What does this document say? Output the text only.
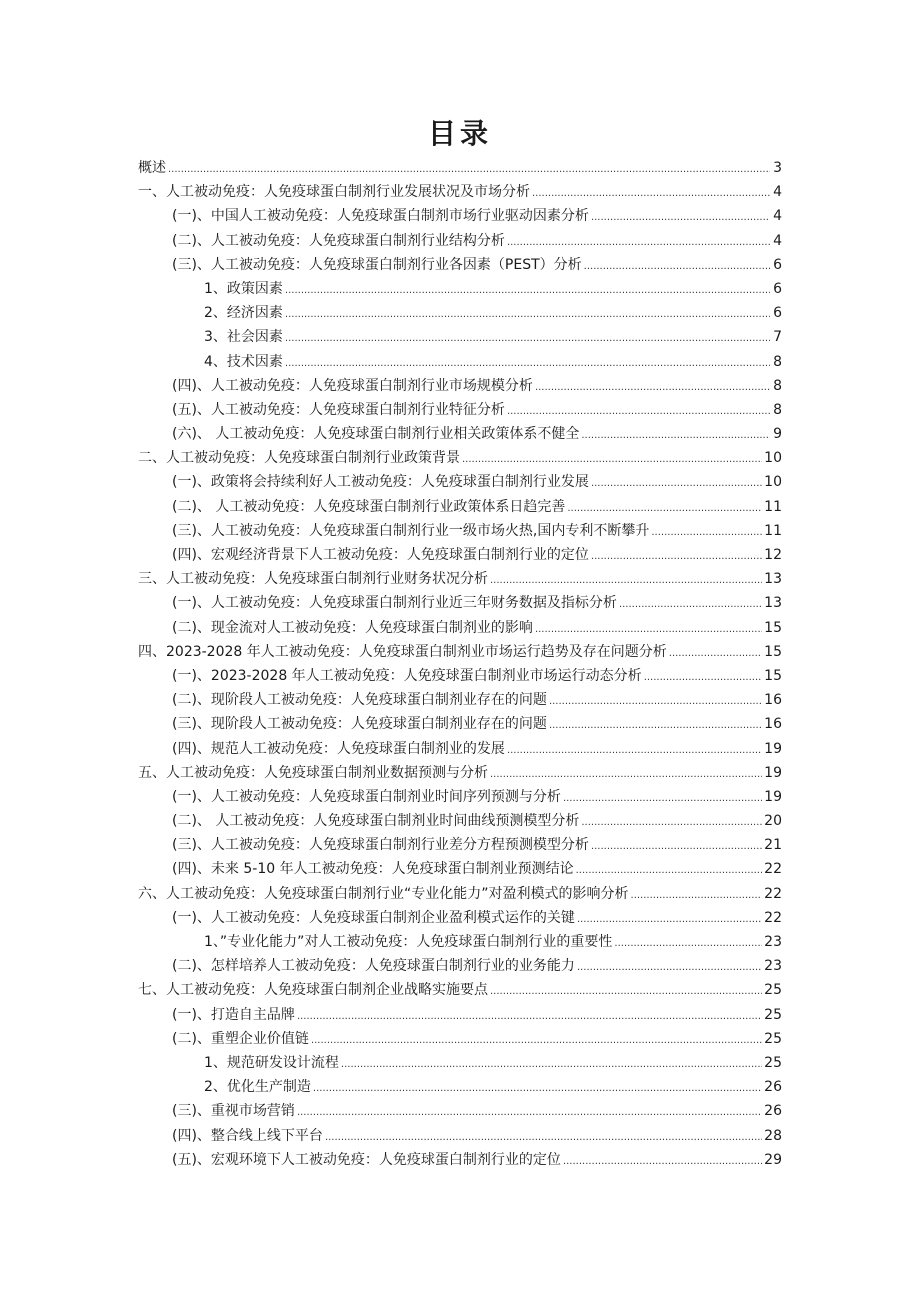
目录
概述 .....	3
一、人工被动免疫：人免疫球蛋白制剂行业发展状况及市场分析 .....	4
(一)、中国人工被动免疫：人免疫球蛋白制剂市场行业驱动因素分析 .....	4
(二)、人工被动免疫：人免疫球蛋白制剂行业结构分析 .....	4
(三)、人工被动免疫：人免疫球蛋白制剂行业各因素（PEST）分析 .....	6
1、政策因素 .....	6
2、经济因素 .....	6
3、社会因素 .....	7
4、技术因素 .....	8
(四)、人工被动免疫：人免疫球蛋白制剂行业市场规模分析 .....	8
(五)、人工被动免疫：人免疫球蛋白制剂行业特征分析 .....	8
(六)、 人工被动免疫：人免疫球蛋白制剂行业相关政策体系不健全 .....	9
二、人工被动免疫：人免疫球蛋白制剂行业政策背景 .....	10
(一)、政策将会持续利好人工被动免疫：人免疫球蛋白制剂行业发展 .....	10
(二)、 人工被动免疫：人免疫球蛋白制剂行业政策体系日趋完善 .....	11
(三)、人工被动免疫：人免疫球蛋白制剂行业一级市场火热,国内专利不断攀升 .....	11
(四)、宏观经济背景下人工被动免疫：人免疫球蛋白制剂行业的定位 .....	12
三、人工被动免疫：人免疫球蛋白制剂行业财务状况分析 .....	13
(一)、人工被动免疫：人免疫球蛋白制剂行业近三年财务数据及指标分析 .....	13
(二)、现金流对人工被动免疫：人免疫球蛋白制剂业的影响 .....	15
四、2023-2028 年人工被动免疫：人免疫球蛋白制剂业市场运行趋势及存在问题分析 .....	15
(一)、2023-2028 年人工被动免疫：人免疫球蛋白制剂业市场运行动态分析 .....	15
(二)、现阶段人工被动免疫：人免疫球蛋白制剂业存在的问题 .....	16
(三)、现阶段人工被动免疫：人免疫球蛋白制剂业存在的问题 .....	16
(四)、规范人工被动免疫：人免疫球蛋白制剂业的发展 .....	19
五、人工被动免疫：人免疫球蛋白制剂业数据预测与分析 .....	19
(一)、人工被动免疫：人免疫球蛋白制剂业时间序列预测与分析 .....	19
(二)、 人工被动免疫：人免疫球蛋白制剂业时间曲线预测模型分析 .....	20
(三)、人工被动免疫：人免疫球蛋白制剂行业差分方程预测模型分析 .....	21
(四)、未来 5-10 年人工被动免疫：人免疫球蛋白制剂业预测结论 .....	22
六、人工被动免疫：人免疫球蛋白制剂行业“专业化能力”对盈利模式的影响分析 .....	22
(一)、人工被动免疫：人免疫球蛋白制剂企业盈利模式运作的关键 .....	22
1、”专业化能力”对人工被动免疫：人免疫球蛋白制剂行业的重要性 .....	23
(二)、怎样培养人工被动免疫：人免疫球蛋白制剂行业的业务能力 .....	23
七、人工被动免疫：人免疫球蛋白制剂企业战略实施要点 .....	25
(一)、打造自主品牌 .....	25
(二)、重塑企业价值链 .....	25
1、规范研发设计流程 .....	25
2、优化生产制造 .....	26
(三)、重视市场营销 .....	26
(四)、整合线上线下平台 .....	28
(五)、宏观环境下人工被动免疫：人免疫球蛋白制剂行业的定位 .....	29
